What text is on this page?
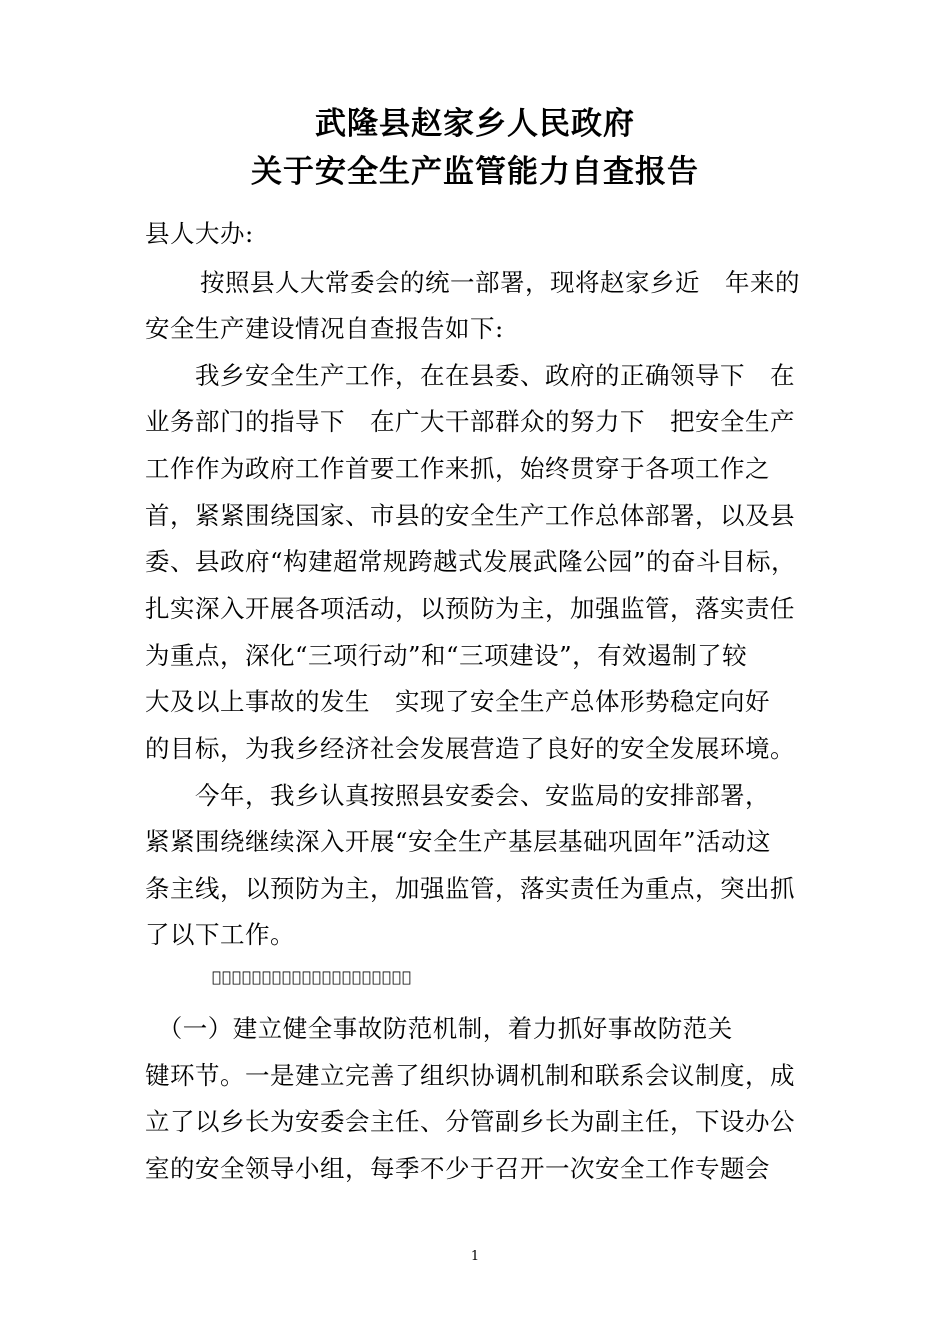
武隆县赵家乡人民政府
关于安全生产监管能力自查报告
县人大办:
　按照县人大常委会的统一部署，现将赵家乡近　年来的
安全生产建设情况自查报告如下:
　　我乡安全生产工作，在在县委、政府的正确领导下　在
业务部门的指导下　在广大干部群众的努力下　把安全生产
工作作为政府工作首要工作来抓，始终贯穿于各项工作之
首，紧紧围绕国家、市县的安全生产工作总体部署，以及县
委、县政府“构建超常规跨越式发展武隆公园”的奋斗目标，
扎实深入开展各项活动，以预防为主，加强监管，落实责任
为重点，深化“三项行动”和“三项建设”，有效遏制了较
大及以上事故的发生　实现了安全生产总体形势稳定向好
的目标，为我乡经济社会发展营造了良好的安全发展环境。
　　今年，我乡认真按照县安委会、安监局的安排部署，
紧紧围绕继续深入开展“安全生产基层基础巩固年”活动这
条主线，以预防为主，加强监管，落实责任为重点，突出抓
了以下工作。
􀀁􀀁􀀁􀀁􀀁􀀁􀀁􀀁􀀁􀀁􀀁􀀁􀀁􀀁􀀁􀀁􀀁􀀁􀀁􀀁
　（一）建立健全事故防范机制，着力抓好事故防范关
键环节。一是建立完善了组织协调机制和联系会议制度，成
立了以乡长为安委会主任、分管副乡长为副主任，下设办公
室的安全领导小组，每季不少于召开一次安全工作专题会
1
